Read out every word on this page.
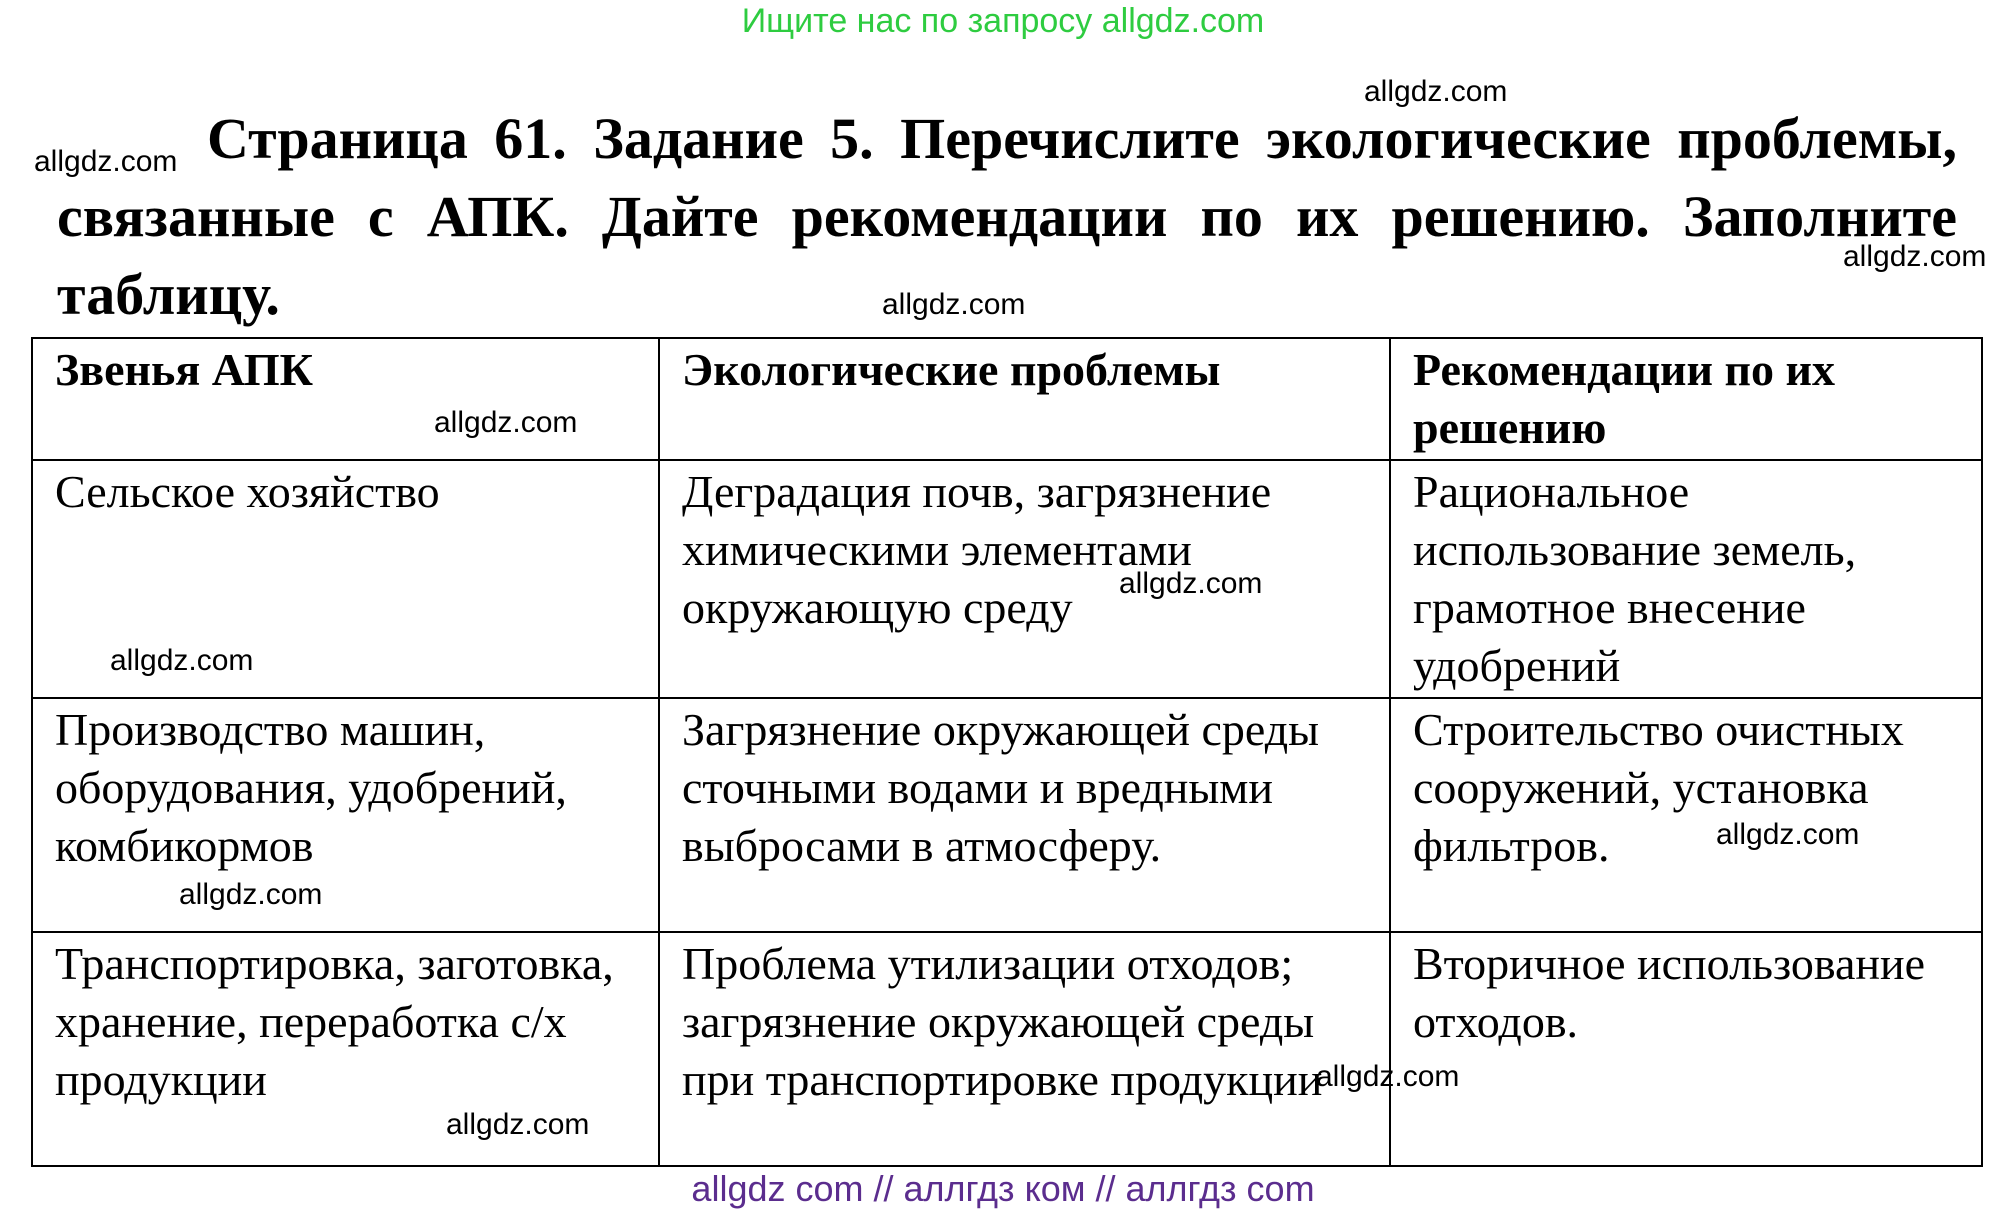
Ищите нас по запросу allgdz.com
Страница 61. Задание 5. Перечислите экологические проблемы,
связанные с АПК. Дайте рекомендации по их решению. Заполните
таблицу.
Звенья АПК	Экологические проблемы	Рекомендации по их решению
Сельское хозяйство	Деградация почв, загрязнение химическими элементами окружающую среду	Рациональное использование земель, грамотное внесение удобрений
Производство машин, оборудования, удобрений, комбикормов	Загрязнение окружающей среды сточными водами и вредными выбросами в атмосферу.	Строительство очистных сооружений, установка фильтров.
Транспортировка, заготовка, хранение, переработка с/х продукции	Проблема утилизации отходов; загрязнение окружающей среды при транспортировке продукции	Вторичное использование отходов.
allgdz.com
allgdz.com
allgdz.com
allgdz.com
allgdz.com
allgdz.com
allgdz.com
allgdz.com
allgdz.com
allgdz.com
allgdz.com
allgdz com // аллгдз ком // аллгдз com
